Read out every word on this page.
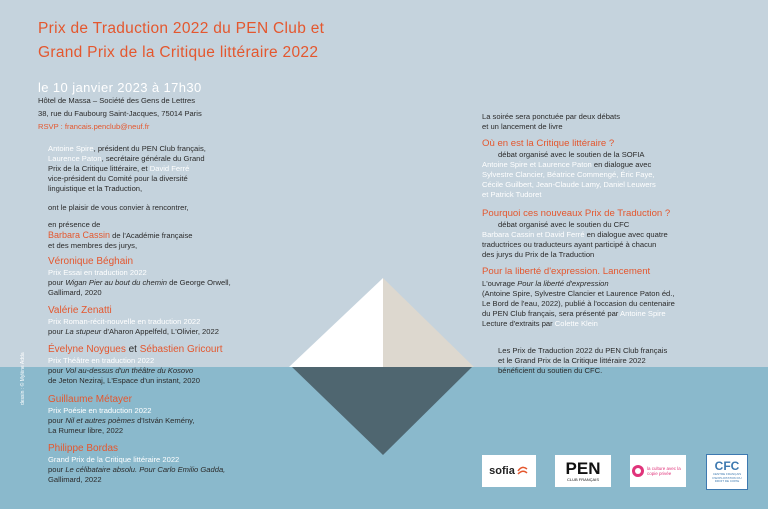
Prix de Traduction 2022 du PEN Club et
Grand Prix de la Critique littéraire 2022
le 10 janvier 2023 à 17h30
Hôtel de Massa – Société des Gens de Lettres
38, rue du Faubourg Saint-Jacques, 75014 Paris
RSVP : francais.penclub@neuf.fr
Antoine Spire, président du PEN Club français,
Laurence Paton, secrétaire générale du Grand
Prix de la Critique littéraire, et David Ferré
vice-président du Comité pour la diversité
linguistique et la Traduction,
ont le plaisir de vous convier à rencontrer,
en présence de
Barbara Cassin de l'Académie française
et des membres des jurys,
Véronique Béghain
Prix Essai en traduction 2022
pour Wigan Pier au bout du chemin de George Orwell,
Gallimard, 2020
Valérie Zenatti
Prix Roman-récit-nouvelle en traduction 2022
pour La stupeur d'Aharon Appelfeld, L'Olivier, 2022
Évelyne Noygues et Sébastien Gricourt
Prix Théâtre en traduction 2022
pour Vol au-dessus d'un théâtre du Kosovo
de Jeton Neziraj, L'Espace d'un instant, 2020
Guillaume Métayer
Prix Poésie en traduction 2022
pour Nil et autres poèmes d'István Kemény,
La Rumeur libre, 2022
Philippe Bordas
Grand Prix de la Critique littéraire 2022
pour Le célibataire absolu. Pour Carlo Emilio Gadda,
Gallimard, 2022
dessin : © Mylène Adda
La soirée sera ponctuée par deux débats
et un lancement de livre
Où en est la Critique littéraire ?
débat organisé avec le soutien de la SOFIA
Antoine Spire et Laurence Paton en dialogue avec
Sylvestre Clancier, Béatrice Commengé, Éric Faye,
Cécile Guilbert, Jean-Claude Lamy, Daniel Leuwers
et Patrick Tudoret
Pourquoi ces nouveaux Prix de Traduction ?
débat organisé avec le soutien du CFC
Barbara Cassin et David Ferré en dialogue avec quatre
traductrices ou traducteurs ayant participé à chacun
des jurys du Prix de la Traduction
Pour la liberté d'expression. Lancement
L'ouvrage Pour la liberté d'expression
(Antoine Spire, Sylvestre Clancier et Laurence Paton éd.,
Le Bord de l'eau, 2022), publié à l'occasion du centenaire
du PEN Club français, sera présenté par Antoine Spire
Lecture d'extraits par Colette Klein
Les Prix de Traduction 2022 du PEN Club français
et le Grand Prix de la Critique littéraire 2022
bénéficient du soutien du CFC.
sofia	PEN
CLUB FRANÇAIS
la culture avec la copie privée
CFC
CENTRE FRANÇAIS D'EXPLOITATION DU DROIT DE COPIE
